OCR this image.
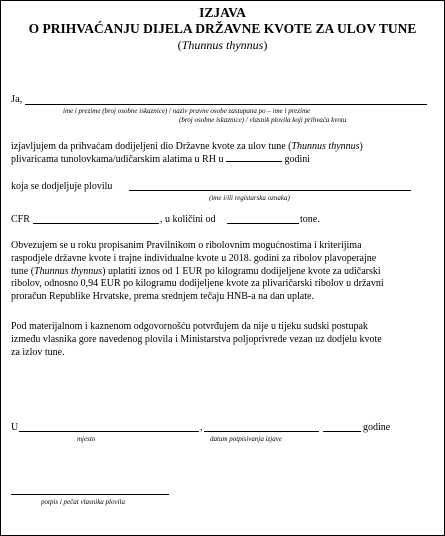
IZJAVA
O PRIHVAĆANJU DIJELA DRŽAVNE KVOTE ZA ULOV TUNE
(Thunnus thynnus)
Ja,
ime i prezime (broj osobne iskaznice) / naziv pravne osobe zastupana po – ime i prezime
(broj osobne iskaznice) / vlasnik plovila koji prihvaća kvotu
izjavljujem da prihvaćam dodijeljeni dio Državne kvote za ulov tune (Thunnus thynnus)
plivaricama tunolovkama/udičarskim alatima u RH u	godini
koja se dodjeljuje plovilu
(ime i/ili registarska oznaka)
CFR	, u količini od	tone.
Obvezujem se u roku propisanim Pravilnikom o ribolovnim mogućnostima i kriterijima
raspodjele državne kvote i trajne individualne kvote u 2018. godini za ribolov plavoperajne
tune (Thunnus thynnus) uplatiti iznos od 1 EUR po kilogramu dodijeljene kvote za udičarski
ribolov, odnosno 0,94 EUR po kilogramu dodijeljene kvote za plivaričarski ribolov u državni
proračun Republike Hrvatske, prema srednjem tečaju HNB-a na dan uplate.
Pod materijalnom i kaznenom odgovornošću potvrđujem da nije u tijeku sudski postupak
između vlasnika gore navedenog plovila i Ministarstva poljoprivrede vezan uz dodjelu kvote
za izlov tune.
U	,	godine
mjesto	datum potpisivanja izjave
potpis i pečat vlasnika plovila
